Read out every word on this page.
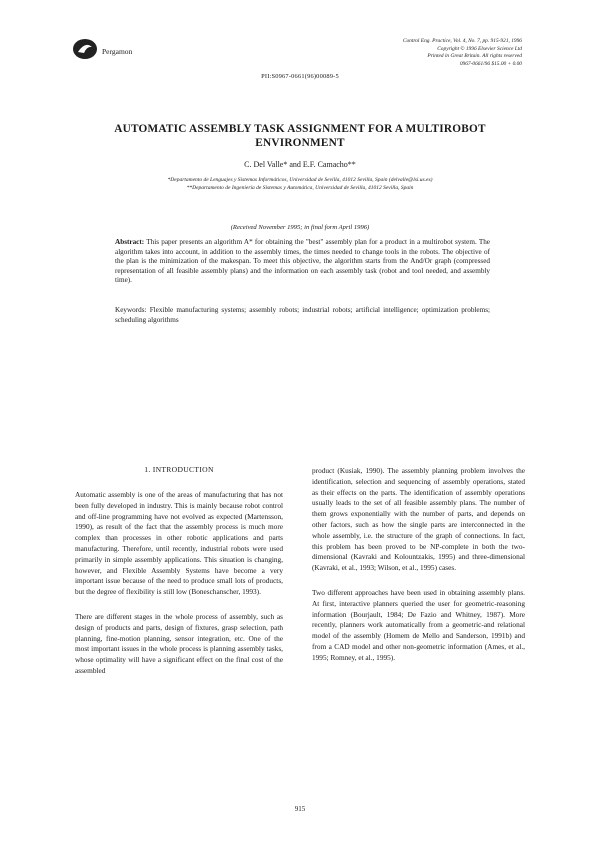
Pergamon
Control Eng. Practice, Vol. 4, No. 7, pp. 915-921, 1996
Copyright © 1996 Elsevier Science Ltd
Printed in Great Britain. All rights reserved
0967-0661/96 $15.00 + 0.00
PII:S0967-0661(96)00089-5
AUTOMATIC ASSEMBLY TASK ASSIGNMENT FOR A MULTIROBOT ENVIRONMENT
C. Del Valle* and E.F. Camacho**
*Departamento de Lenguajes y Sistemas Informáticos, Universidad de Sevilla, 41012 Sevilla, Spain (delvalle@lsi.us.es)
**Departamento de Ingeniería de Sistemas y Automática, Universidad de Sevilla, 41012 Sevilla, Spain
(Received November 1995; in final form April 1996)
Abstract: This paper presents an algorithm A* for obtaining the "best" assembly plan for a product in a multirobot system. The algorithm takes into account, in addition to the assembly times, the times needed to change tools in the robots. The objective of the plan is the minimization of the makespan. To meet this objective, the algorithm starts from the And/Or graph (compressed representation of all feasible assembly plans) and the information on each assembly task (robot and tool needed, and assembly time).
Keywords: Flexible manufacturing systems; assembly robots; industrial robots; artificial intelligence; optimization problems; scheduling algorithms
1. INTRODUCTION

Automatic assembly is one of the areas of manufacturing that has not been fully developed in industry. This is mainly because robot control and off-line programming have not evolved as expected (Martensson, 1990), as result of the fact that the assembly process is much more complex than processes in other robotic applications and parts manufacturing. Therefore, until recently, industrial robots were used primarily in simple assembly applications. This situation is changing, however, and Flexible Assembly Systems have become a very important issue because of the need to produce small lots of products, but the degree of flexibility is still low (Boneschanscher, 1993).

There are different stages in the whole process of assembly, such as design of products and parts, design of fixtures, grasp selection, path planning, fine-motion planning, sensor integration, etc. One of the most important issues in the whole process is planning assembly tasks, whose optimality will have a significant effect on the final cost of the assembled

product (Kusiak, 1990). The assembly planning problem involves the identification, selection and sequencing of assembly operations, stated as their effects on the parts. The identification of assembly operations usually leads to the set of all feasible assembly plans. The number of them grows exponentially with the number of parts, and depends on other factors, such as how the single parts are interconnected in the whole assembly, i.e. the structure of the graph of connections. In fact, this problem has been proved to be NP-complete in both the two-dimensional (Kavraki and Kolountzakis, 1995) and three-dimensional (Kavraki, et al., 1993; Wilson, et al., 1995) cases.

Two different approaches have been used in obtaining assembly plans. At first, interactive planners queried the user for geometric-reasoning information (Bourjault, 1984; De Fazio and Whitney, 1987). More recently, planners work automatically from a geometric-and relational model of the assembly (Homem de Mello and Sanderson, 1991b) and from a CAD model and other non-geometric information (Ames, et al., 1995; Romney, et al., 1995).

915
